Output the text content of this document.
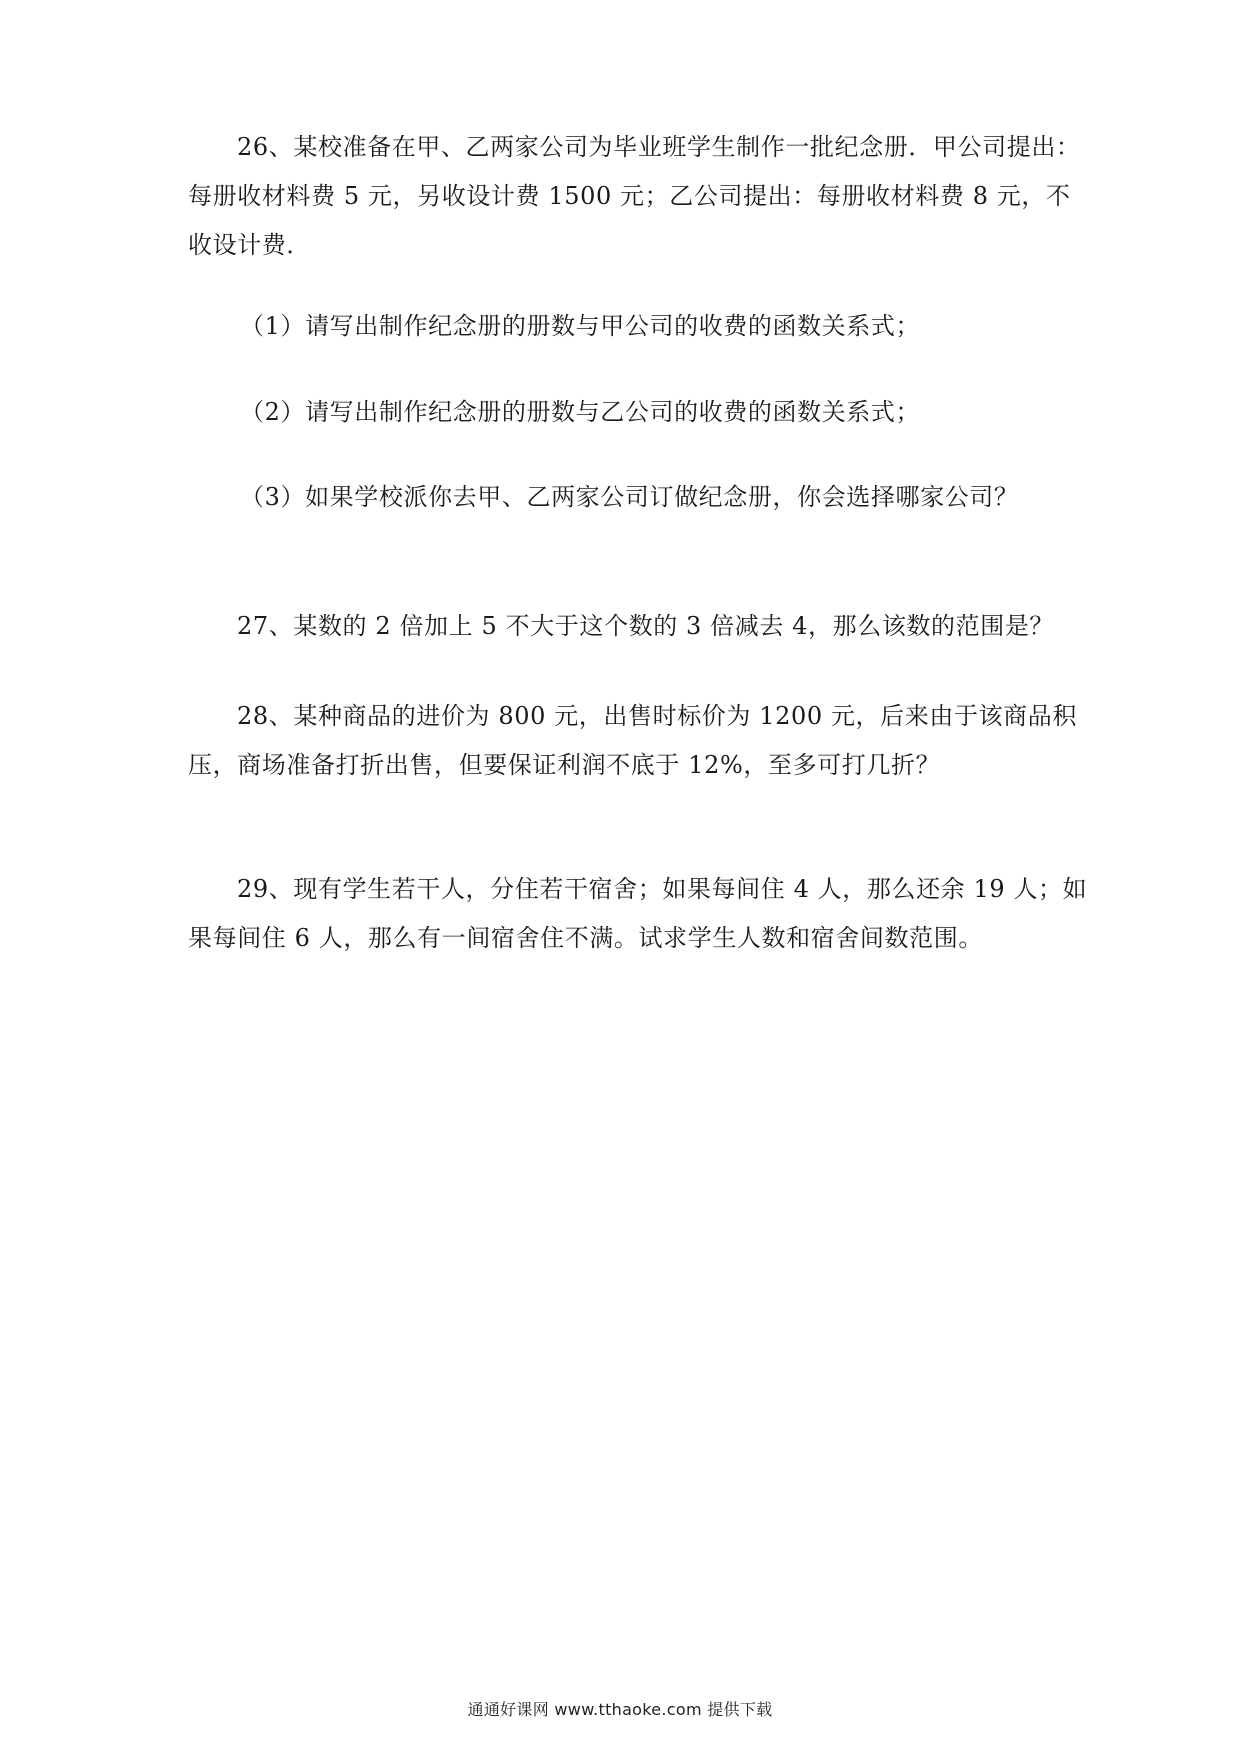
26、某校准备在甲、乙两家公司为毕业班学生制作一批纪念册．甲公司提出：
每册收材料费 5 元，另收设计费 1500 元；乙公司提出：每册收材料费 8 元，不
收设计费．
（1）请写出制作纪念册的册数与甲公司的收费的函数关系式；
（2）请写出制作纪念册的册数与乙公司的收费的函数关系式；
（3）如果学校派你去甲、乙两家公司订做纪念册，你会选择哪家公司？
27、某数的 2 倍加上 5 不大于这个数的 3 倍减去 4，那么该数的范围是？
28、某种商品的进价为 800 元，出售时标价为 1200 元，后来由于该商品积
压，商场准备打折出售，但要保证利润不底于 12%，至多可打几折？
29、现有学生若干人，分住若干宿舍；如果每间住 4 人，那么还余 19 人；如
果每间住 6 人，那么有一间宿舍住不满。试求学生人数和宿舍间数范围。
通通好课网 www.tthaoke.com 提供下载
